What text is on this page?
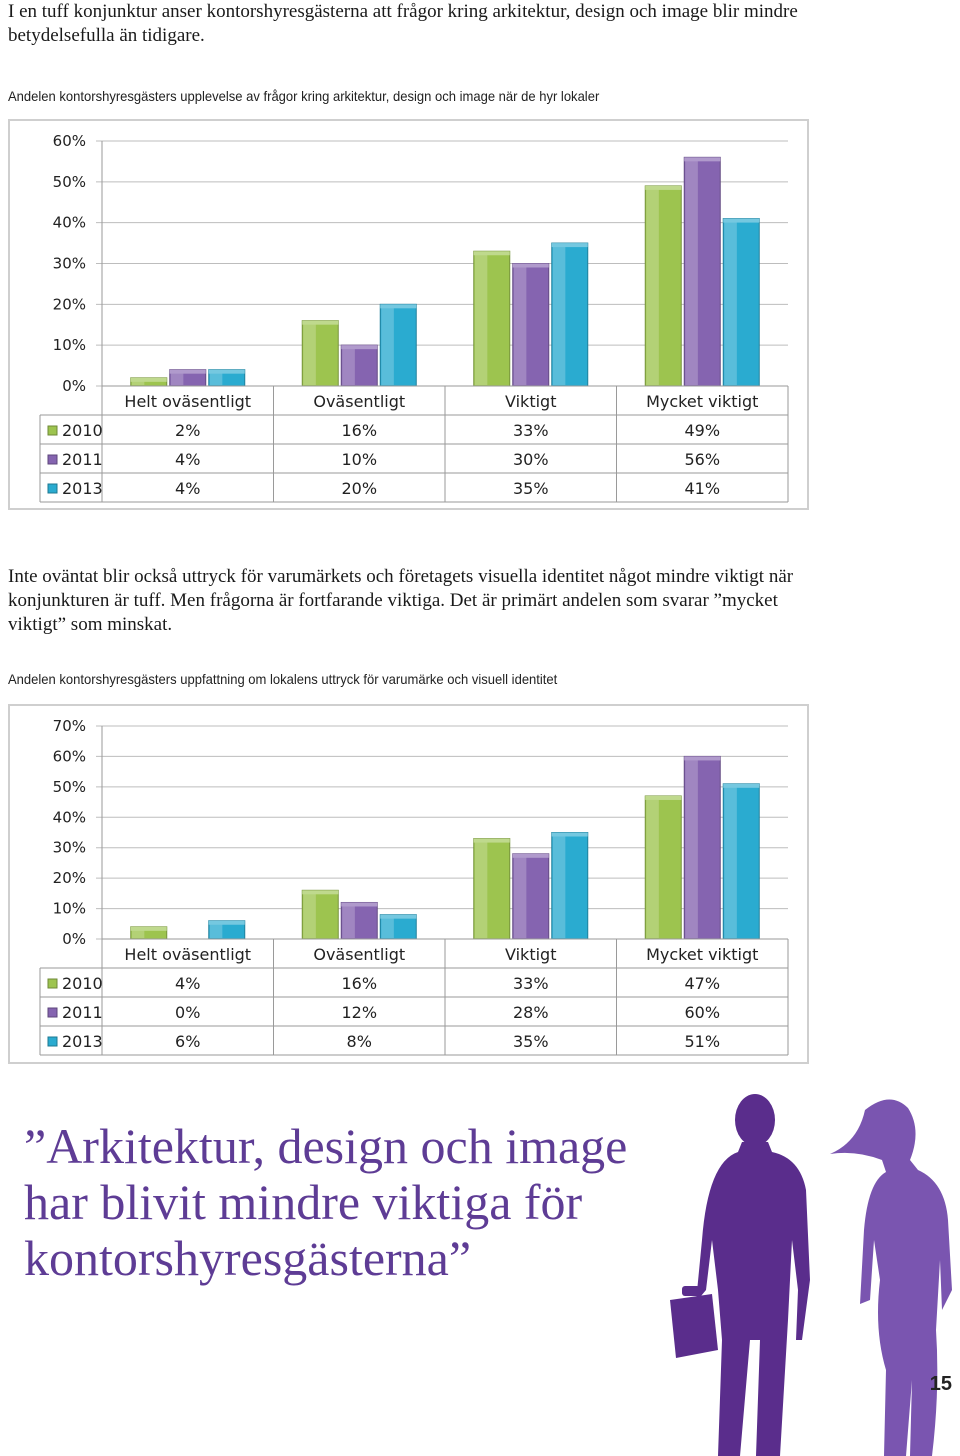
I en tuff konjunktur anser kontorshyresgästerna att frågor kring arkitektur, design och image blir mindre betydelsefulla än tidigare.

Andelen kontorshyresgästers upplevelse av frågor kring arkitektur, design och image när de hyr lokaler
0%
10%
20%
30%
40%
50%
60%
Helt oväsentligt	Oväsentligt	Viktigt	Mycket viktigt
2010	2%	16%	33%	49%
2011	4%	10%	30%	56%
2013	4%	20%	35%	41%

Inte oväntat blir också uttryck för varumärkets och företagets visuella identitet något mindre viktigt när konjunkturen är tuff. Men frågorna är fortfarande viktiga. Det är primärt andelen som svarar ”mycket viktigt” som minskat.

Andelen kontorshyresgästers uppfattning om lokalens uttryck för varumärke och visuell identitet
0%
10%
20%
30%
40%
50%
60%
70%
Helt oväsentligt	Oväsentligt	Viktigt	Mycket viktigt
2010	4%	16%	33%	47%
2011	0%	12%	28%	60%
2013	6%	8%	35%	51%
”Arkitektur, design och image har blivit mindre viktiga för kontorshyresgästerna”
15
